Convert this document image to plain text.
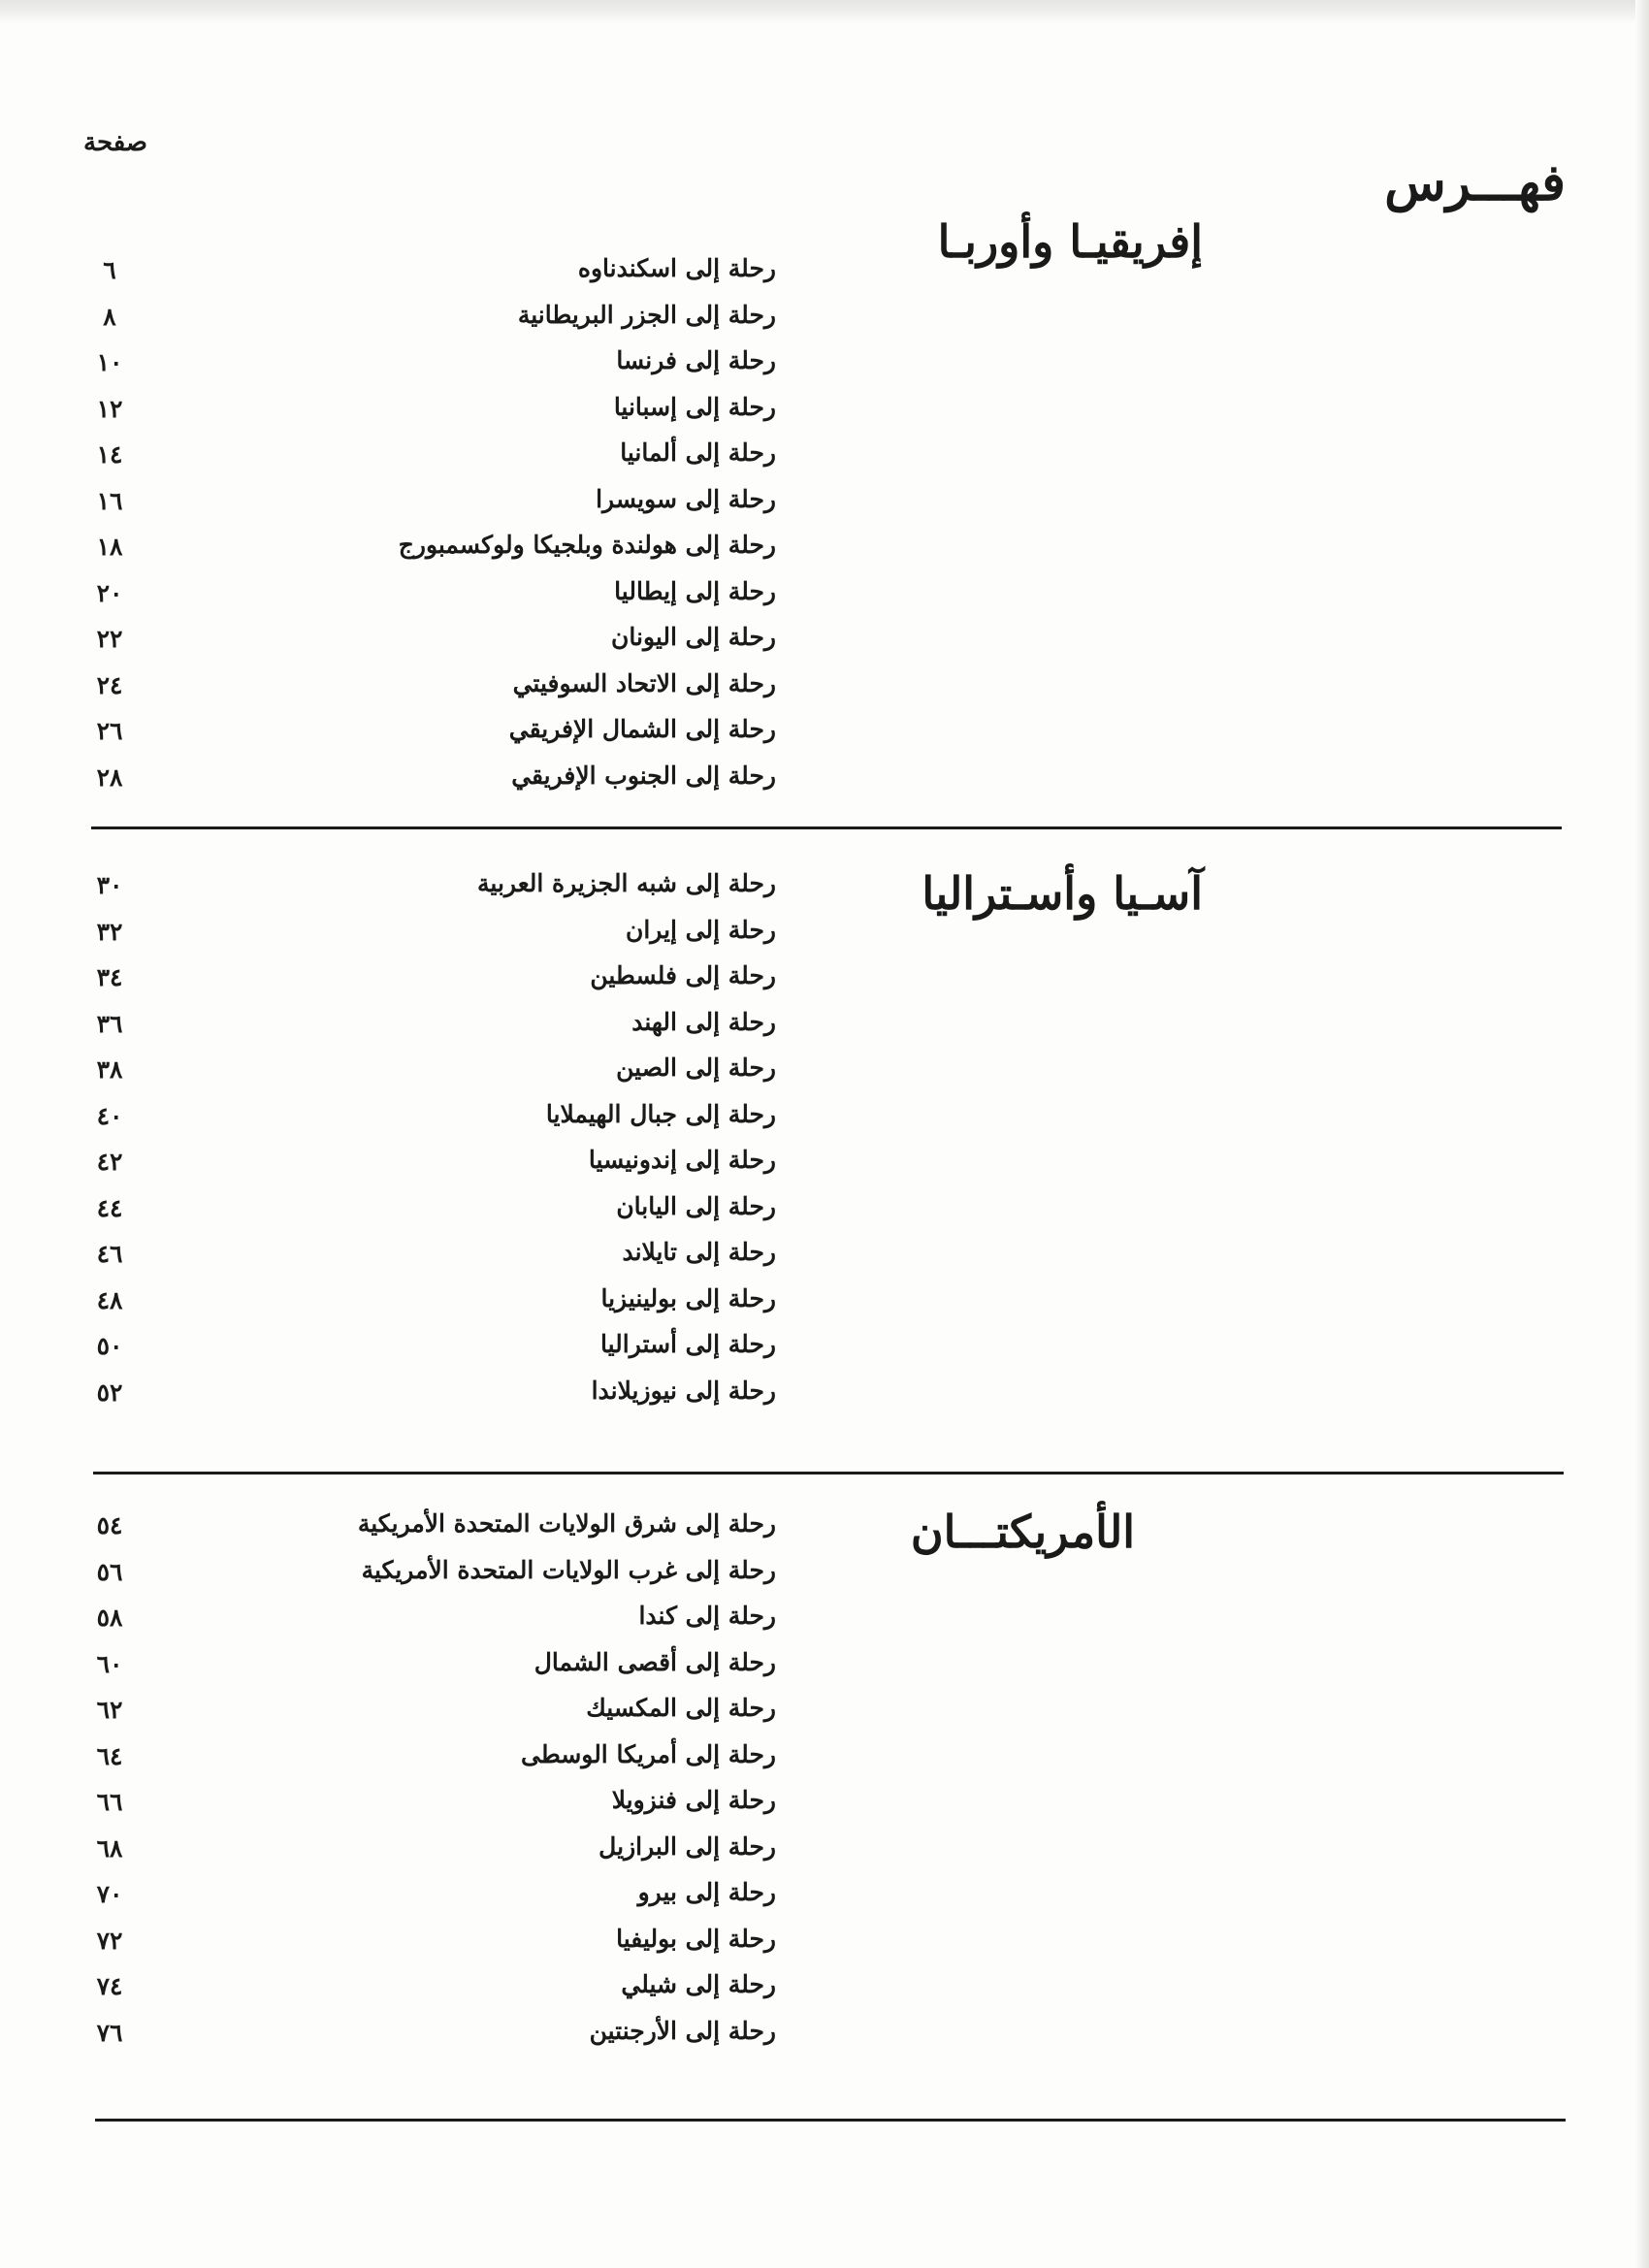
صفحة
فهـــرس
إفريقيـا وأوربـا
رحلة إلى اسكندناوه
٦
رحلة إلى الجزر البريطانية
٨
رحلة إلى فرنسا
١٠
رحلة إلى إسبانيا
١٢
رحلة إلى ألمانيا
١٤
رحلة إلى سويسرا
١٦
رحلة إلى هولندة وبلجيكا ولوكسمبورج
١٨
رحلة إلى إيطاليا
٢٠
رحلة إلى اليونان
٢٢
رحلة إلى الاتحاد السوفيتي
٢٤
رحلة إلى الشمال الإفريقي
٢٦
رحلة إلى الجنوب الإفريقي
٢٨
آسـيا وأسـتراليا
رحلة إلى شبه الجزيرة العربية
٣٠
رحلة إلى إيران
٣٢
رحلة إلى فلسطين
٣٤
رحلة إلى الهند
٣٦
رحلة إلى الصين
٣٨
رحلة إلى جبال الهيملايا
٤٠
رحلة إلى إندونيسيا
٤٢
رحلة إلى اليابان
٤٤
رحلة إلى تايلاند
٤٦
رحلة إلى بولينيزيا
٤٨
رحلة إلى أستراليا
٥٠
رحلة إلى نيوزيلاندا
٥٢
الأمريكتـــان
رحلة إلى شرق الولايات المتحدة الأمريكية
٥٤
رحلة إلى غرب الولايات المتحدة الأمريكية
٥٦
رحلة إلى كندا
٥٨
رحلة إلى أقصى الشمال
٦٠
رحلة إلى المكسيك
٦٢
رحلة إلى أمريكا الوسطى
٦٤
رحلة إلى فنزويلا
٦٦
رحلة إلى البرازيل
٦٨
رحلة إلى بيرو
٧٠
رحلة إلى بوليفيا
٧٢
رحلة إلى شيلي
٧٤
رحلة إلى الأرجنتين
٧٦
